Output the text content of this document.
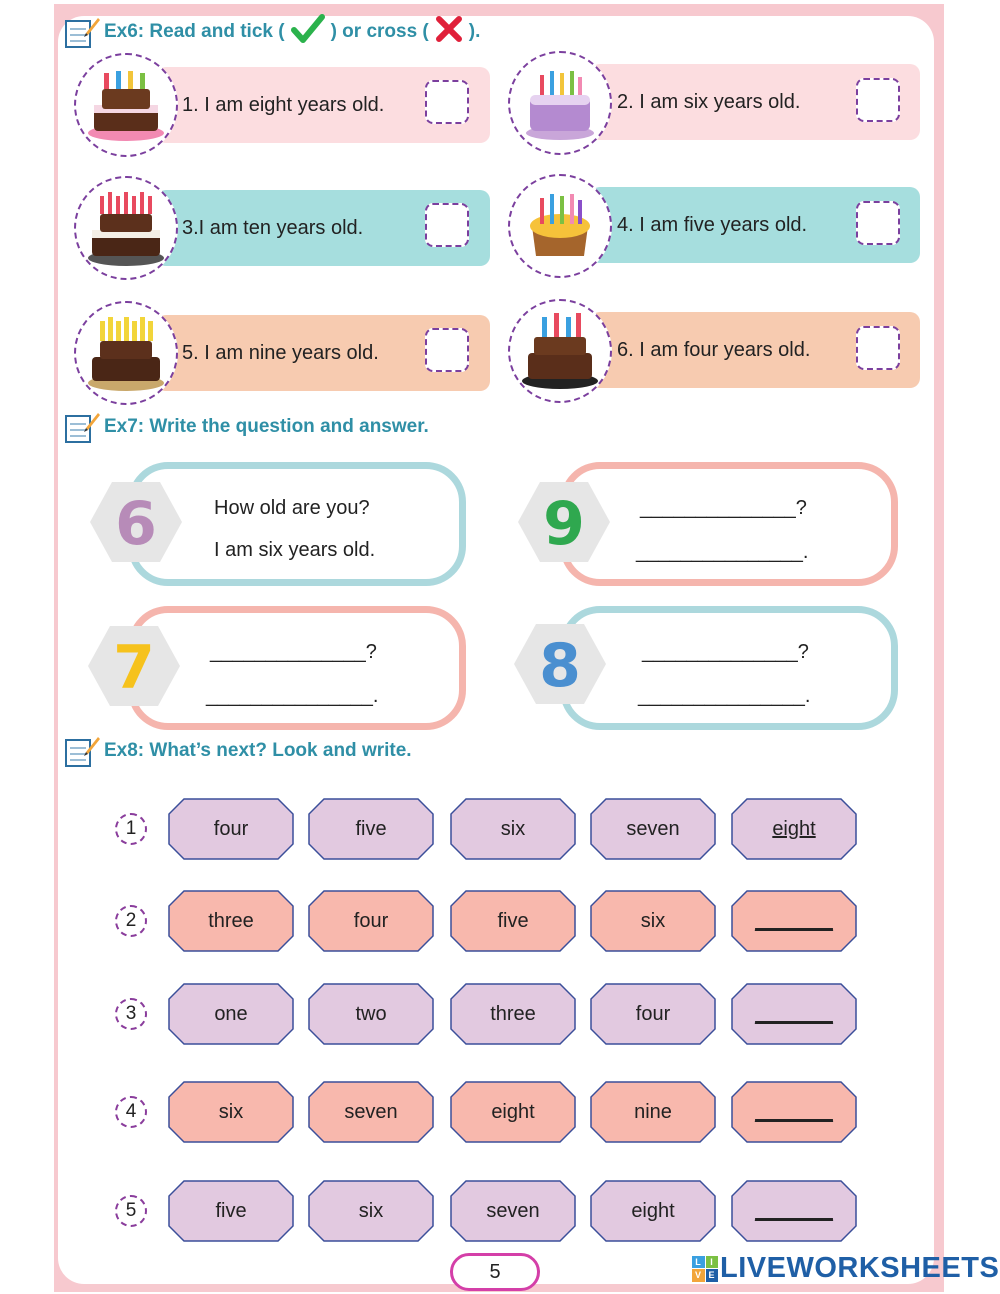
Ex6: Read and tick ( ) or cross ( ).
1. I am eight years old.	2. I am six years old.
3.I am ten years old.	4. I am five years old.
5. I am nine years old.	6. I am four years old.
Ex7: Write the question and answer.
6	How old are you?
I am six years old.	9	______________?
_______________.
7	______________?
_______________.	8	______________?
_______________.
Ex8: What’s next? Look and write.
1	four	five	six	seven	eight
2	three	four	five	six	_______
3	one	two	three	four	_______
4	six	seven	eight	nine	_______
5	five	six	seven	eight	_______
5	L I
V E LIVEWORKSHEETS
